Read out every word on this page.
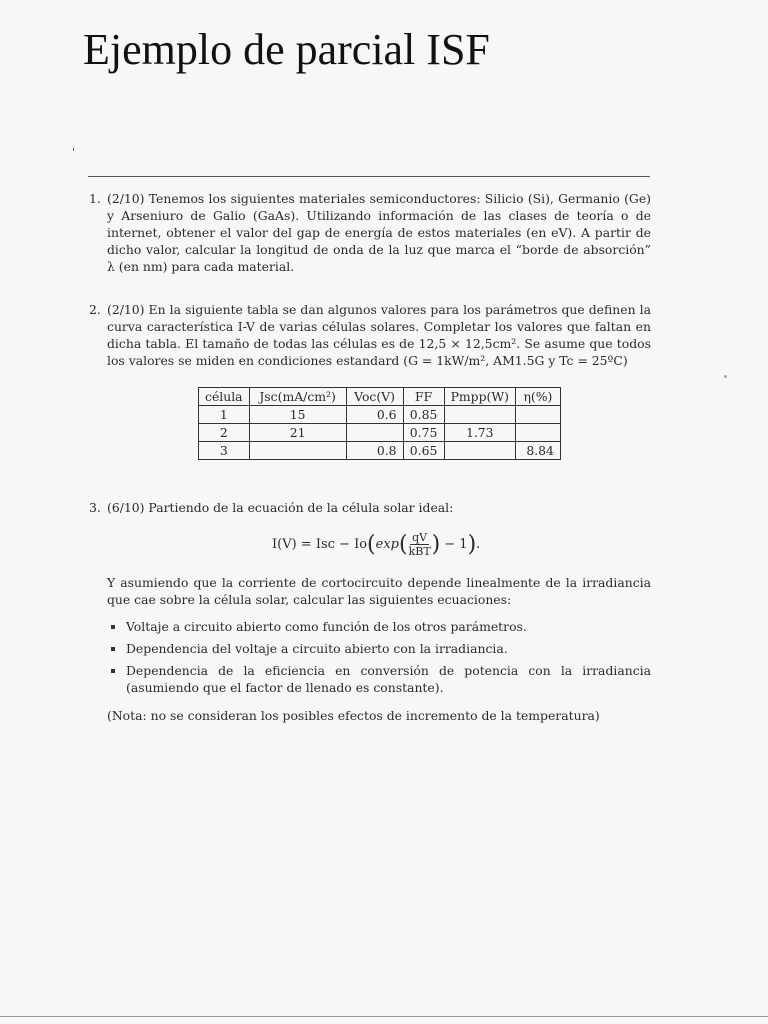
Ejemplo de parcial ISF
'
1. (2/10) Tenemos los siguientes materiales semiconductores: Silicio (Si), Germanio (Ge) y Arseniuro de Galio (GaAs). Utilizando información de las clases de teoría o de internet, obtener el valor del gap de energía de estos materiales (en eV). A partir de dicho valor, calcular la longitud de onda de la luz que marca el “borde de absorción” λ (en nm) para cada material.
2. (2/10) En la siguiente tabla se dan algunos valores para los parámetros que definen la curva característica I-V de varias células solares. Completar los valores que faltan en dicha tabla. El tamaño de todas las células es de 12,5 × 12,5cm². Se asume que todos los valores se miden en condiciones estandard (G = 1kW/m², AM1.5G y Tc = 25ºC)
célula	Jsc(mA/cm²)	Voc(V)	FF	Pmpp(W)	η(%)
1	15	0.6	0.85		
2	21		0.75	1.73	
3		0.8	0.65		8.84
3. (6/10) Partiendo de la ecuación de la célula solar ideal:
Y asumiendo que la corriente de cortocircuito depende linealmente de la irradiancia que cae sobre la célula solar, calcular las siguientes ecuaciones:
Voltaje a circuito abierto como función de los otros parámetros.
Dependencia del voltaje a circuito abierto con la irradiancia.
Dependencia de la eficiencia en conversión de potencia con la irradiancia (asumiendo que el factor de llenado es constante).
(Nota: no se consideran los posibles efectos de incremento de la temperatura)
I(V) = Isc − Io ( exp ( $\frac{qV}{\text{kBT}}$ ) − 1 ) .
